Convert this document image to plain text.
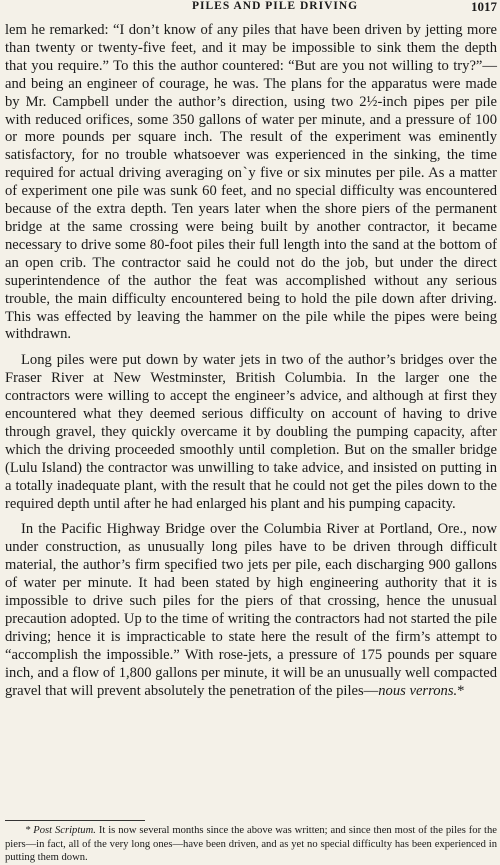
PILES AND PILE DRIVING	1017

lem he remarked: “I don’t know of any piles that have been driven by jetting more than twenty or twenty-five feet, and it may be impossible to sink them the depth that you require.” To this the author countered: “But are you not willing to try?”—and being an engineer of courage, he was. The plans for the apparatus were made by Mr. Campbell under the author’s direction, using two 2½-inch pipes per pile with reduced orifices, some 350 gallons of water per minute, and a pressure of 100 or more pounds per square inch. The result of the experiment was eminently satisfactory, for no trouble whatsoever was experienced in the sinking, the time required for actual driving averaging onˋy five or six minutes per pile. As a matter of experiment one pile was sunk 60 feet, and no special difficulty was encountered because of the extra depth. Ten years later when the shore piers of the permanent bridge at the same crossing were being built by another contractor, it became necessary to drive some 80-foot piles their full length into the sand at the bottom of an open crib. The contractor said he could not do the job, but under the direct superintendence of the author the feat was accomplished without any serious trouble, the main difficulty encountered being to hold the pile down after driving. This was effected by leaving the hammer on the pile while the pipes were being withdrawn.

Long piles were put down by water jets in two of the author’s bridges over the Fraser River at New Westminster, British Columbia. In the larger one the contractors were willing to accept the engineer’s advice, and although at first they encountered what they deemed serious difficulty on account of having to drive through gravel, they quickly overcame it by doubling the pumping capacity, after which the driving proceeded smoothly until completion. But on the smaller bridge (Lulu Island) the contractor was unwilling to take advice, and insisted on putting in a totally inadequate plant, with the result that he could not get the piles down to the required depth until after he had enlarged his plant and his pumping capacity.

In the Pacific Highway Bridge over the Columbia River at Portland, Ore., now under construction, as unusually long piles have to be driven through difficult material, the author’s firm specified two jets per pile, each discharging 900 gallons of water per minute. It had been stated by high engineering authority that it is impossible to drive such piles for the piers of that crossing, hence the unusual precaution adopted. Up to the time of writing the contractors had not started the pile driving; hence it is impracticable to state here the result of the firm’s attempt to “accomplish the impossible.” With rose-jets, a pressure of 175 pounds per square inch, and a flow of 1,800 gallons per minute, it will be an unusually well compacted gravel that will prevent absolutely the penetration of the piles—nous verrons.*

* Post Scriptum. It is now several months since the above was written; and since then most of the piles for the piers—in fact, all of the very long ones—have been driven, and as yet no special difficulty has been experienced in putting them down.
